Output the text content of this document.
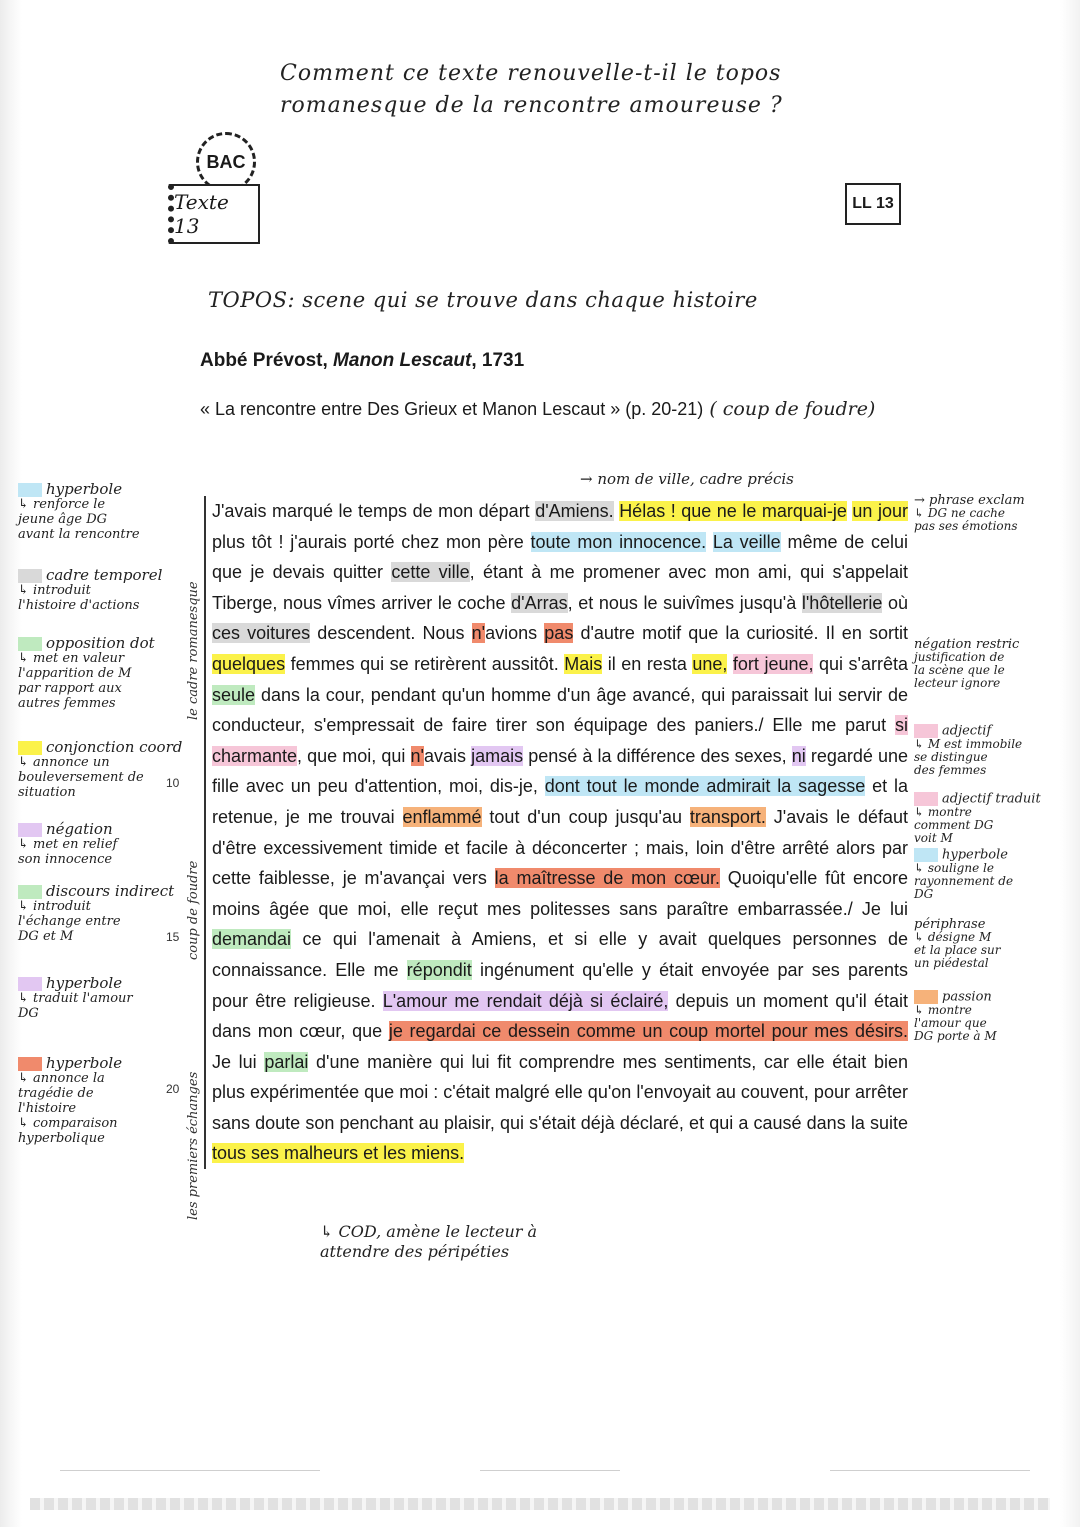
Comment ce texte renouvelle-t-il le topos
romanesque de la rencontre amoureuse ?
BAC
Texte 13
LL 13
TOPOS: scene qui se trouve dans chaque histoire
Abbé Prévost, Manon Lescaut, 1731
« La rencontre entre Des Grieux et Manon Lescaut » (p. 20-21) ( coup de foudre)
→ nom de ville, cadre précis
J'avais marqué le temps de mon départ d'Amiens. Hélas ! que ne le marquai-je un jour plus tôt ! j'aurais porté chez mon père toute mon innocence. La veille même de celui que je devais quitter cette ville, étant à me promener avec mon ami, qui s'appelait Tiberge, nous vîmes arriver le coche d'Arras, et nous le suivîmes jusqu'à l'hôtellerie où ces voitures descendent. Nous n'avions pas d'autre motif que la curiosité. Il en sortit quelques femmes qui se retirèrent aussitôt. Mais il en resta une, fort jeune, qui s'arrêta seule dans la cour, pendant qu'un homme d'un âge avancé, qui paraissait lui servir de conducteur, s'empressait de faire tirer son équipage des paniers./ Elle me parut si charmante, que moi, qui n'avais jamais pensé à la différence des sexes, ni regardé une fille avec un peu d'attention, moi, dis-je, dont tout le monde admirait la sagesse et la retenue, je me trouvai enflammé tout d'un coup jusqu'au transport. J'avais le défaut d'être excessivement timide et facile à déconcerter ; mais, loin d'être arrêté alors par cette faiblesse, je m'avançai vers la maîtresse de mon cœur. Quoiqu'elle fût encore moins âgée que moi, elle reçut mes politesses sans paraître embarrassée./ Je lui demandai ce qui l'amenait à Amiens, et si elle y avait quelques personnes de connaissance. Elle me répondit ingénument qu'elle y était envoyée par ses parents pour être religieuse. L'amour me rendait déjà si éclairé, depuis un moment qu'il était dans mon cœur, que je regardai ce dessein comme un coup mortel pour mes désirs. Je lui parlai d'une manière qui lui fit comprendre mes sentiments, car elle était bien plus expérimentée que moi : c'était malgré elle qu'on l'envoyait au couvent, pour arrêter sans doute son penchant au plaisir, qui s'était déjà déclaré, et qui a causé dans la suite tous ses malheurs et les miens.
le cadre romanesque
coup de foudre
les premiers échanges
10
15
20
hyperbole
↳ renforce le
jeune âge DG
avant la rencontre
cadre temporel
↳ introduit
l'histoire d'actions
opposition dot
↳ met en valeur
l'apparition de M
par rapport aux
autres femmes
conjonction coord
↳ annonce un
bouleversement de
situation
négation
↳ met en relief
son innocence
discours indirect
↳ introduit
l'échange entre
DG et M
hyperbole
↳ traduit l'amour
DG
hyperbole
↳ annonce la
tragédie de
l'histoire
↳ comparaison
hyperbolique
→ phrase exclam
↳ DG ne cache
pas ses émotions
négation restric
justification de
la scène que le
lecteur ignore
adjectif
↳ M est immobile
se distingue
des femmes
adjectif traduit
↳ montre
comment DG
voit M
hyperbole
↳ souligne le
rayonnement de
DG
périphrase
↳ désigne M
et la place sur
un piédestal
passion
↳ montre
l'amour que
DG porte à M
↳ COD, amène le lecteur à
attendre des péripéties
